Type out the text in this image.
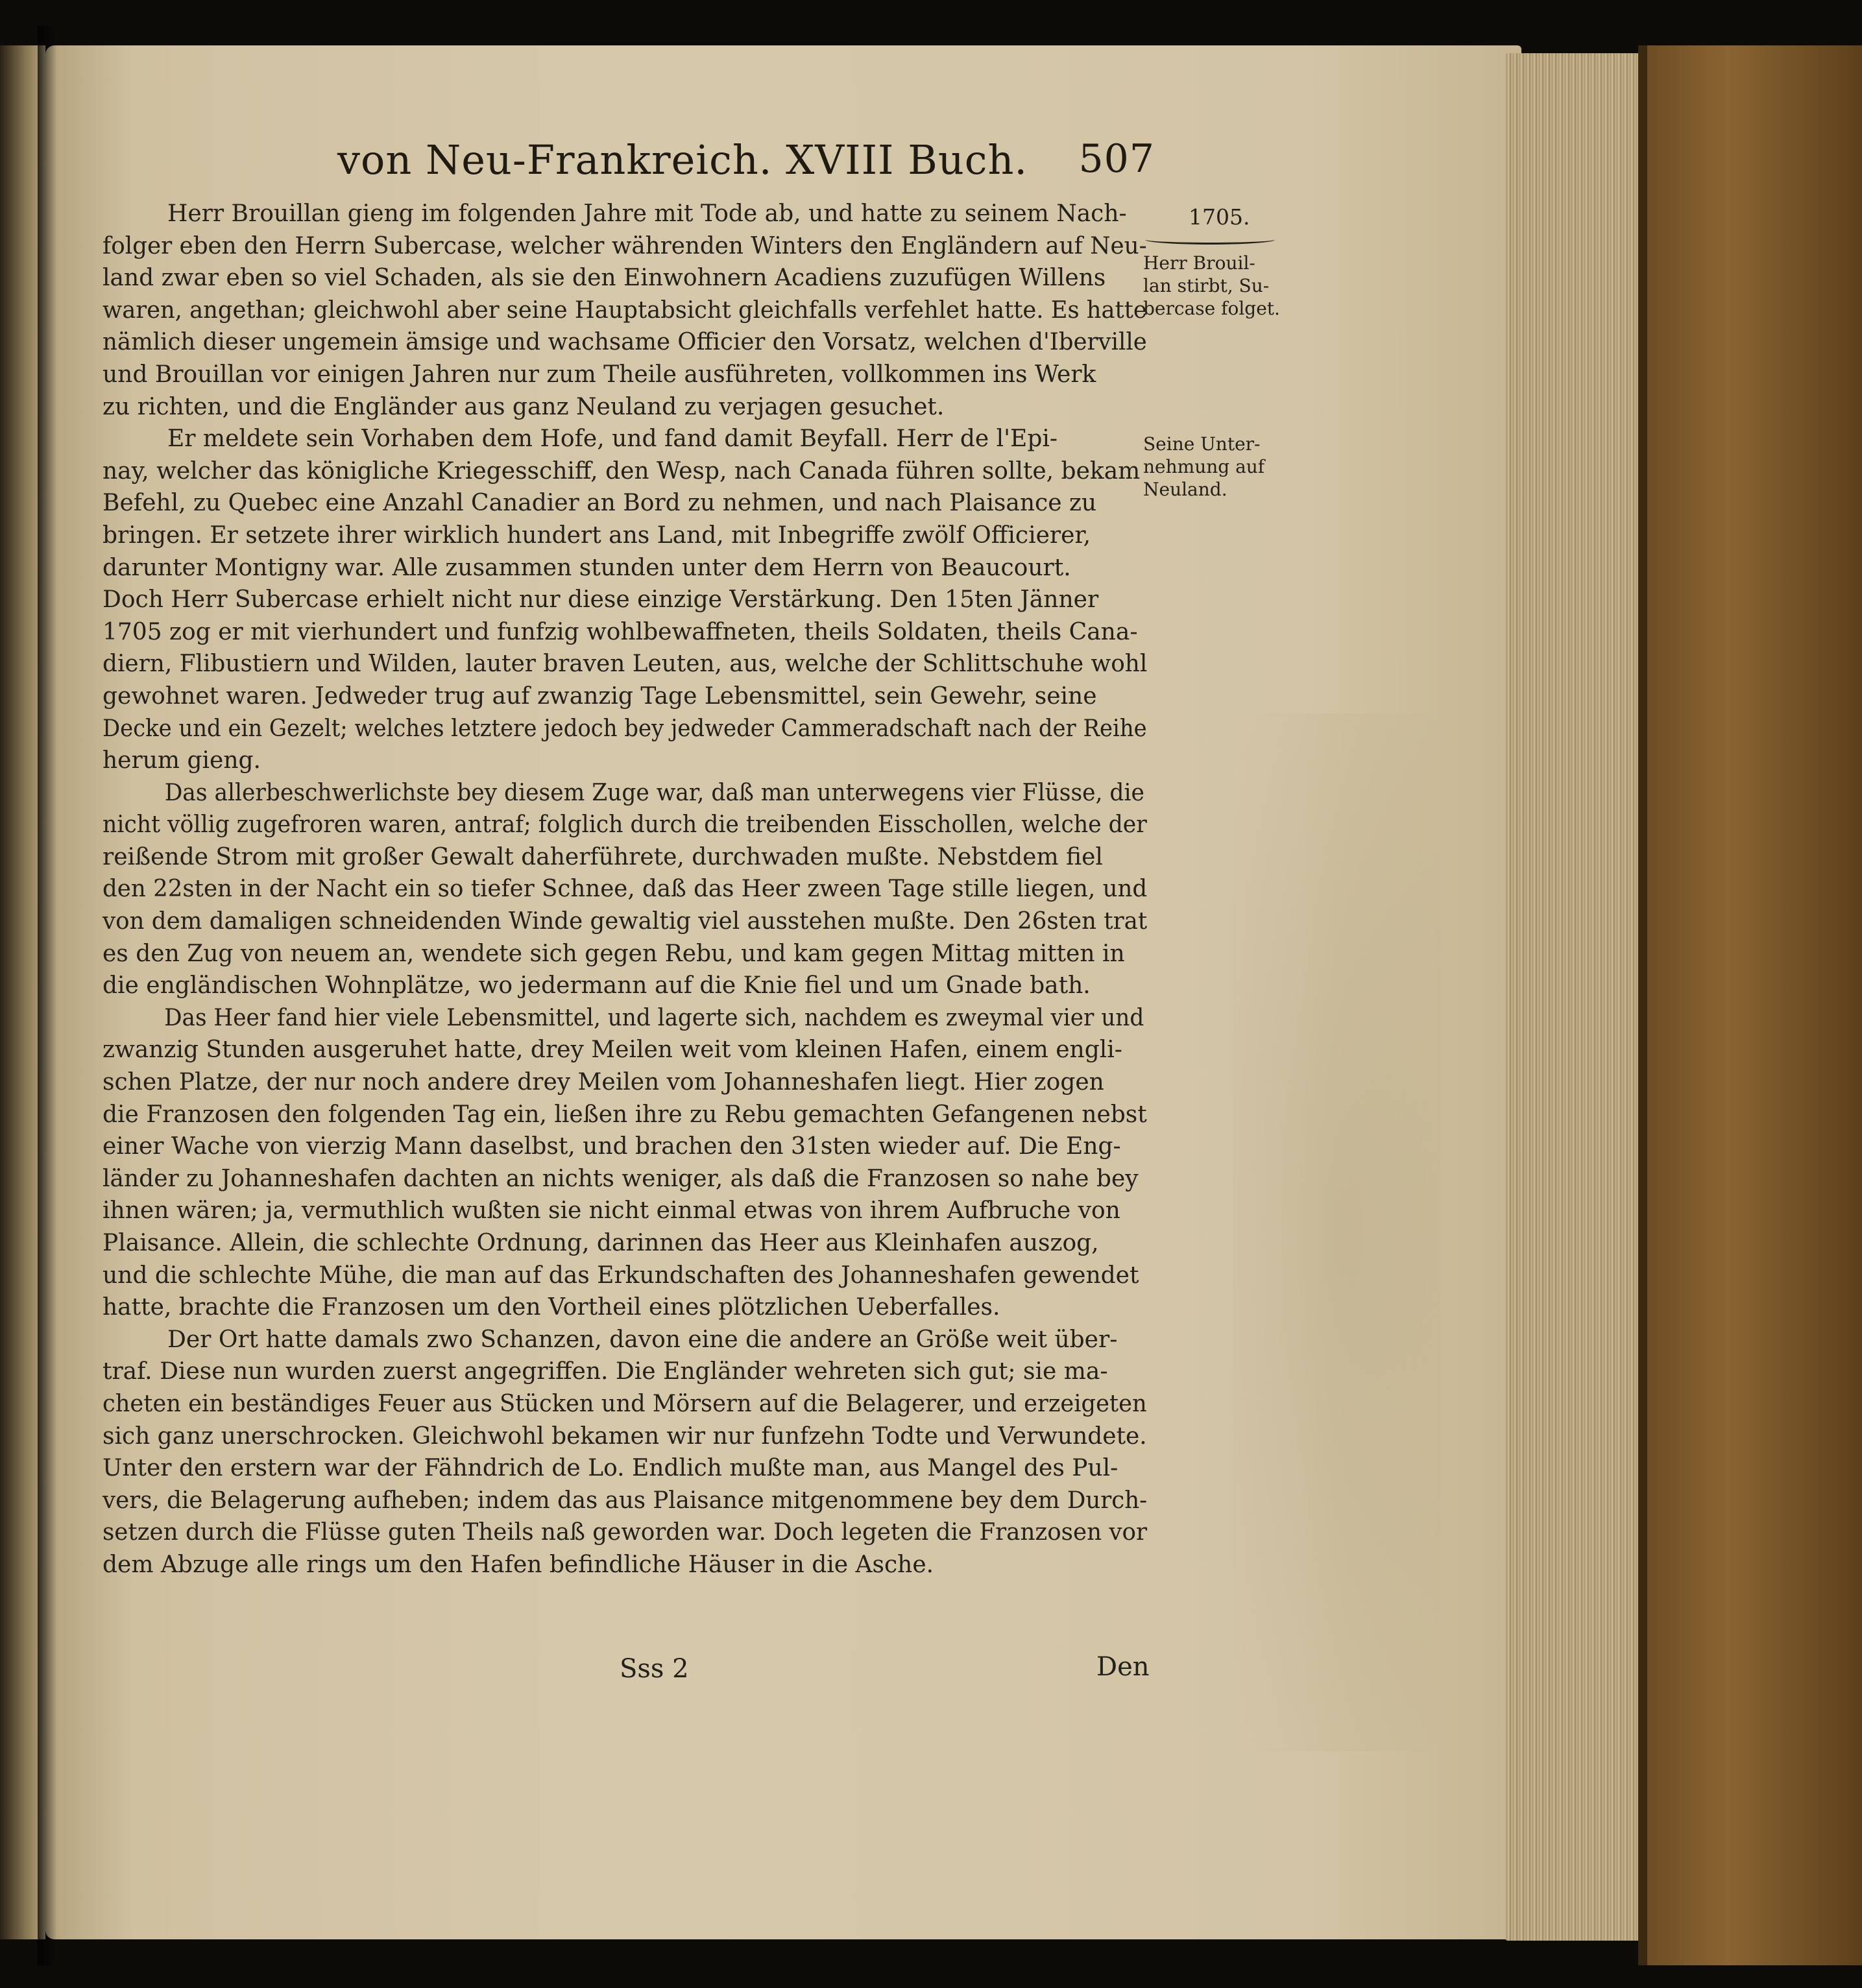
von Neu-Frankreich. XVIII Buch. 507
1705.
Herr Brouil-
lan stirbt, Su-
bercase folget.
Seine Unter-
nehmung auf
Neuland.
Herr Brouillan gieng im folgenden Jahre mit Tode ab, und hatte zu seinem Nach-
folger eben den Herrn Subercase, welcher währenden Winters den Engländern auf Neu-
land zwar eben so viel Schaden, als sie den Einwohnern Acadiens zuzufügen Willens
waren, angethan; gleichwohl aber seine Hauptabsicht gleichfalls verfehlet hatte. Es hatte
nämlich dieser ungemein ämsige und wachsame Officier den Vorsatz, welchen d'Iberville
und Brouillan vor einigen Jahren nur zum Theile ausführeten, vollkommen ins Werk
zu richten, und die Engländer aus ganz Neuland zu verjagen gesuchet.
Er meldete sein Vorhaben dem Hofe, und fand damit Beyfall. Herr de l'Epi-
nay, welcher das königliche Kriegesschiff, den Wesp, nach Canada führen sollte, bekam
Befehl, zu Quebec eine Anzahl Canadier an Bord zu nehmen, und nach Plaisance zu
bringen. Er setzete ihrer wirklich hundert ans Land, mit Inbegriffe zwölf Officierer,
darunter Montigny war. Alle zusammen stunden unter dem Herrn von Beaucourt.
Doch Herr Subercase erhielt nicht nur diese einzige Verstärkung. Den 15ten Jänner
1705 zog er mit vierhundert und funfzig wohlbewaffneten, theils Soldaten, theils Cana-
diern, Flibustiern und Wilden, lauter braven Leuten, aus, welche der Schlittschuhe wohl
gewohnet waren. Jedweder trug auf zwanzig Tage Lebensmittel, sein Gewehr, seine
Decke und ein Gezelt; welches letztere jedoch bey jedweder Cammeradschaft nach der Reihe
herum gieng.
Das allerbeschwerlichste bey diesem Zuge war, daß man unterwegens vier Flüsse, die
nicht völlig zugefroren waren, antraf; folglich durch die treibenden Eisschollen, welche der
reißende Strom mit großer Gewalt daherführete, durchwaden mußte. Nebstdem fiel
den 22sten in der Nacht ein so tiefer Schnee, daß das Heer zween Tage stille liegen, und
von dem damaligen schneidenden Winde gewaltig viel ausstehen mußte. Den 26sten trat
es den Zug von neuem an, wendete sich gegen Rebu, und kam gegen Mittag mitten in
die engländischen Wohnplätze, wo jedermann auf die Knie fiel und um Gnade bath.
Das Heer fand hier viele Lebensmittel, und lagerte sich, nachdem es zweymal vier und
zwanzig Stunden ausgeruhet hatte, drey Meilen weit vom kleinen Hafen, einem engli-
schen Platze, der nur noch andere drey Meilen vom Johanneshafen liegt. Hier zogen
die Franzosen den folgenden Tag ein, ließen ihre zu Rebu gemachten Gefangenen nebst
einer Wache von vierzig Mann daselbst, und brachen den 31sten wieder auf. Die Eng-
länder zu Johanneshafen dachten an nichts weniger, als daß die Franzosen so nahe bey
ihnen wären; ja, vermuthlich wußten sie nicht einmal etwas von ihrem Aufbruche von
Plaisance. Allein, die schlechte Ordnung, darinnen das Heer aus Kleinhafen auszog,
und die schlechte Mühe, die man auf das Erkundschaften des Johanneshafen gewendet
hatte, brachte die Franzosen um den Vortheil eines plötzlichen Ueberfalles.
Der Ort hatte damals zwo Schanzen, davon eine die andere an Größe weit über-
traf. Diese nun wurden zuerst angegriffen. Die Engländer wehreten sich gut; sie ma-
cheten ein beständiges Feuer aus Stücken und Mörsern auf die Belagerer, und erzeigeten
sich ganz unerschrocken. Gleichwohl bekamen wir nur funfzehn Todte und Verwundete.
Unter den erstern war der Fähndrich de Lo. Endlich mußte man, aus Mangel des Pul-
vers, die Belagerung aufheben; indem das aus Plaisance mitgenommene bey dem Durch-
setzen durch die Flüsse guten Theils naß geworden war. Doch legeten die Franzosen vor
dem Abzuge alle rings um den Hafen befindliche Häuser in die Asche.
Sss 2	Den
